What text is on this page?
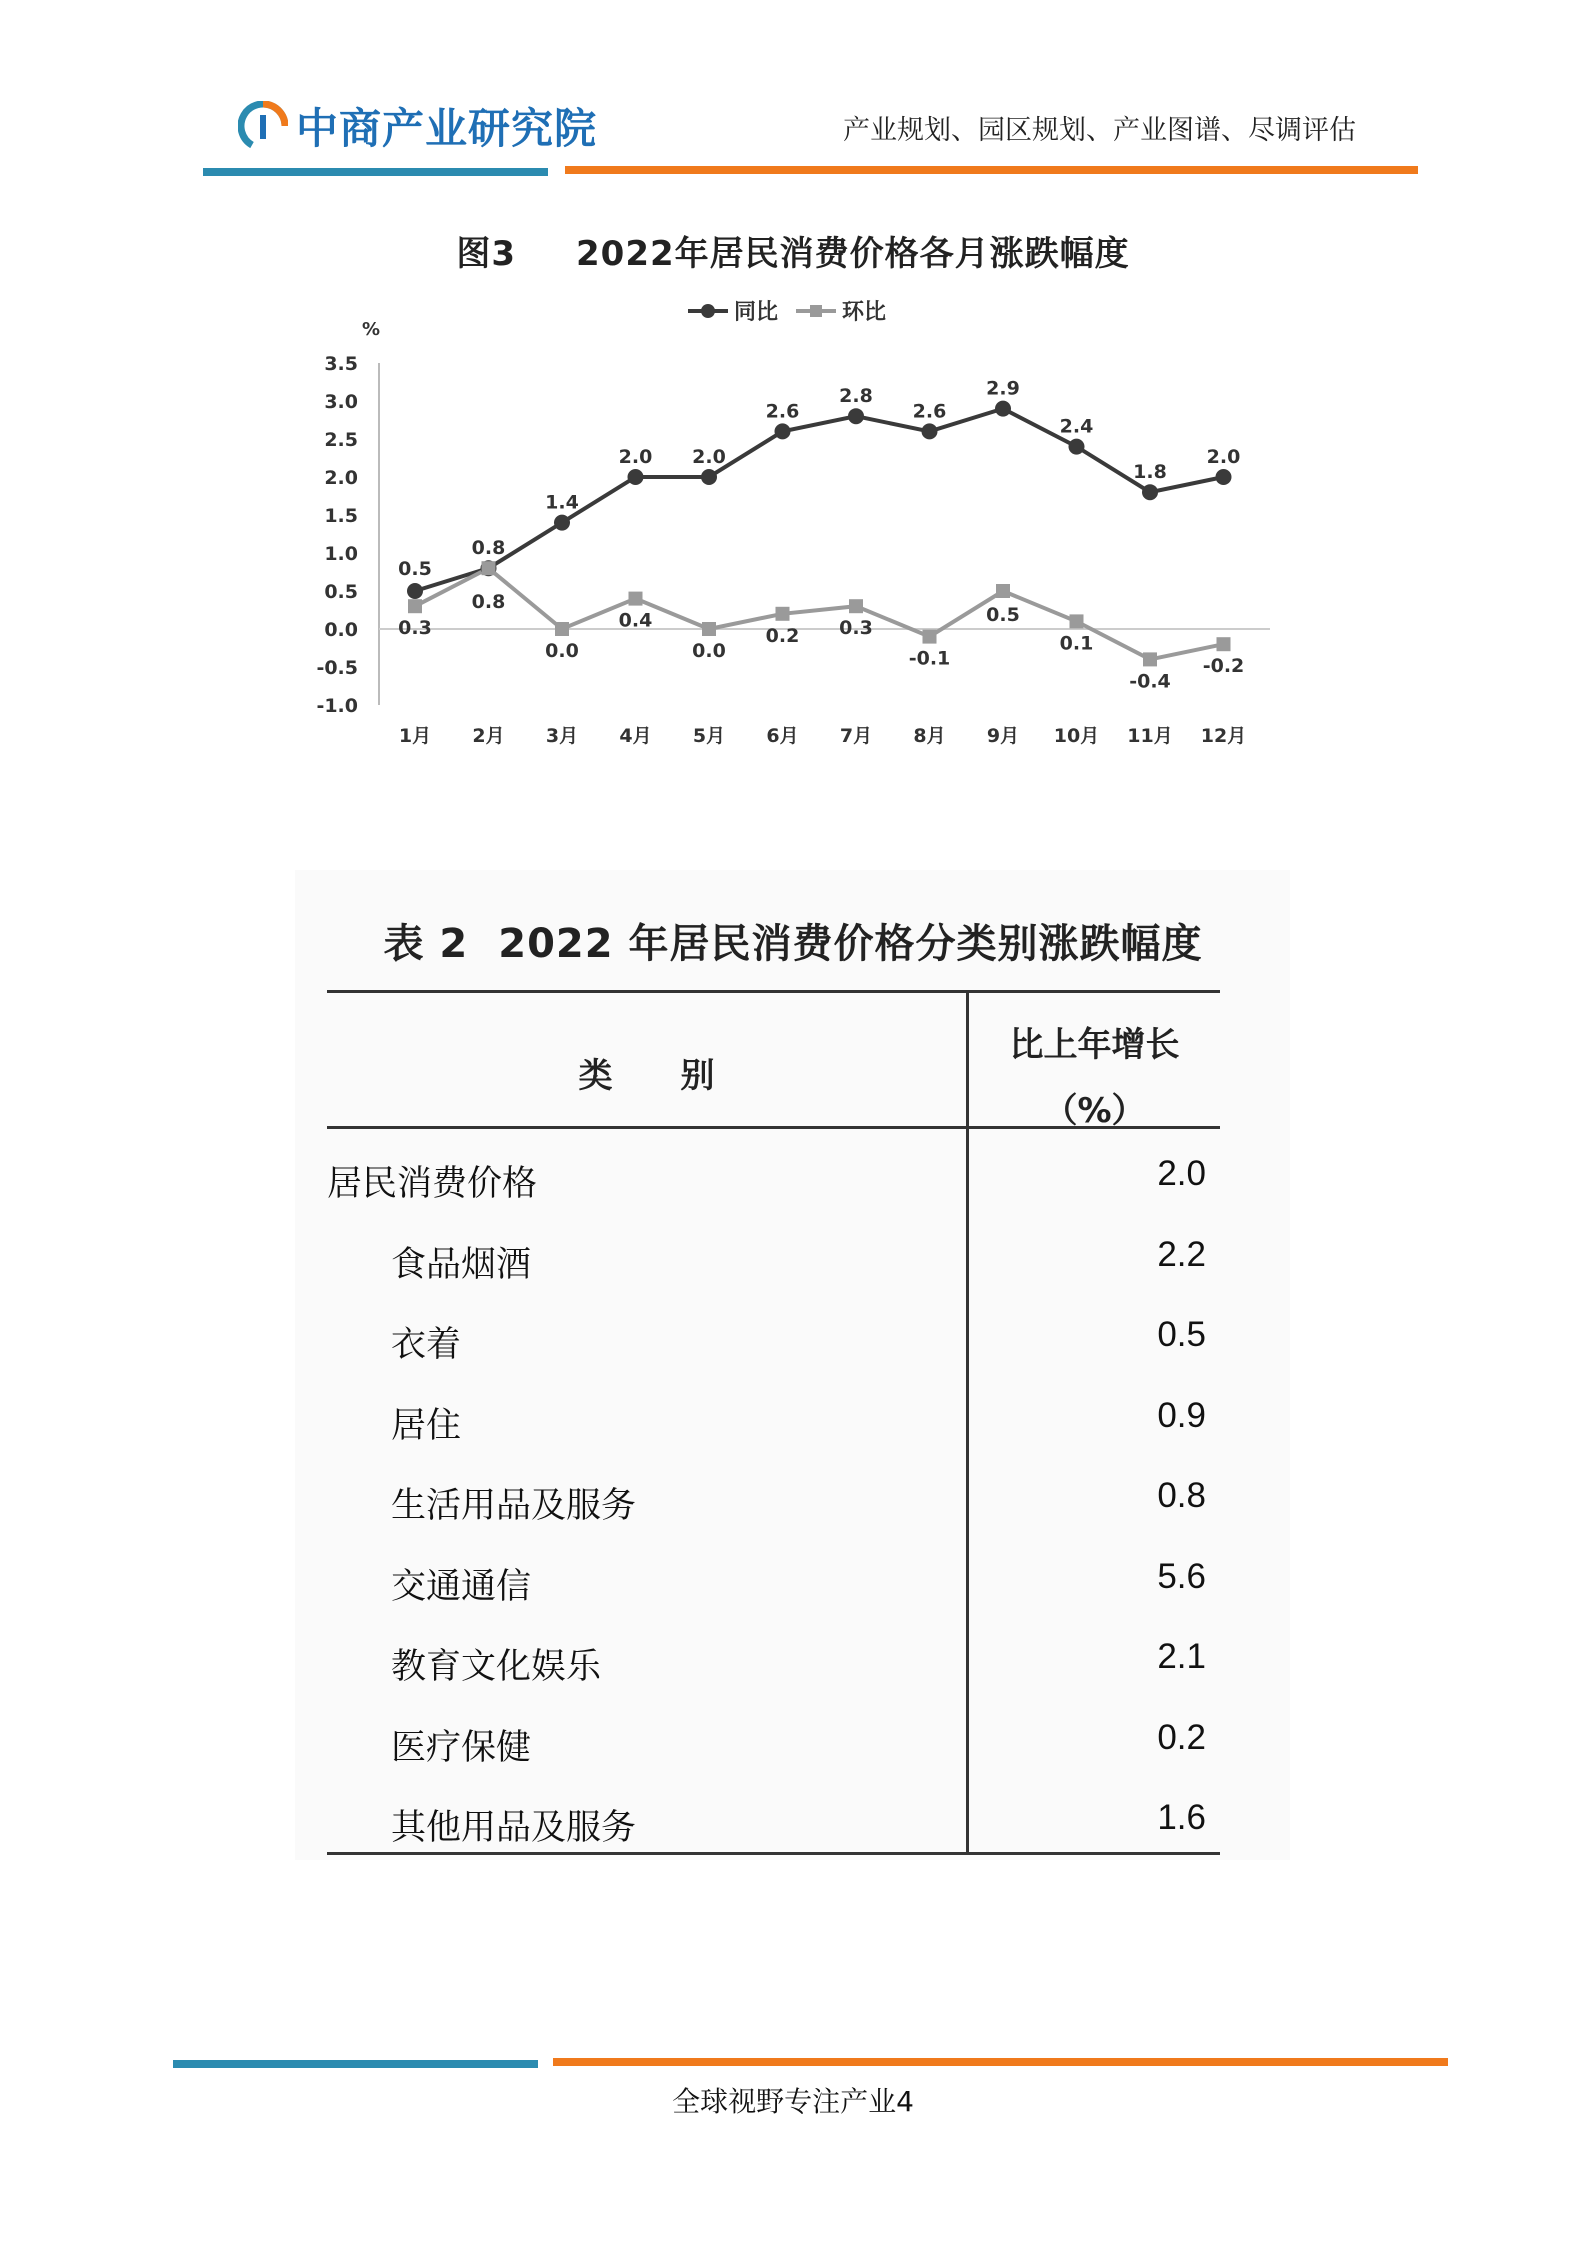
中商产业研究院	产业规划、园区规划、产业图谱、尽调评估
图3 2022年居民消费价格各月涨跌幅度
同比	环比
%
3.5
3.0
2.5
2.0
1.5
1.0
0.5
0.0
-0.5
-1.0
1月 2月 3月 4月 5月 6月 7月 8月 9月 10月 11月 12月
0.5
0.8
1.4
2.0 2.0
2.6
2.8
2.6
2.9
2.4
1.8
2.0
0.3
0.8
0.0
0.4
0.0
0.2 0.3
-0.1
0.5
0.1
-0.4
-0.2
表 2 2022 年居民消费价格分类别涨跌幅度
类　　别
比上年增长
（%）
居民消费价格	2.0
食品烟酒	2.2
衣着	0.5
居住	0.9
生活用品及服务	0.8
交通通信	5.6
教育文化娱乐	2.1
医疗保健	0.2
其他用品及服务	1.6
全球视野专注产业4
